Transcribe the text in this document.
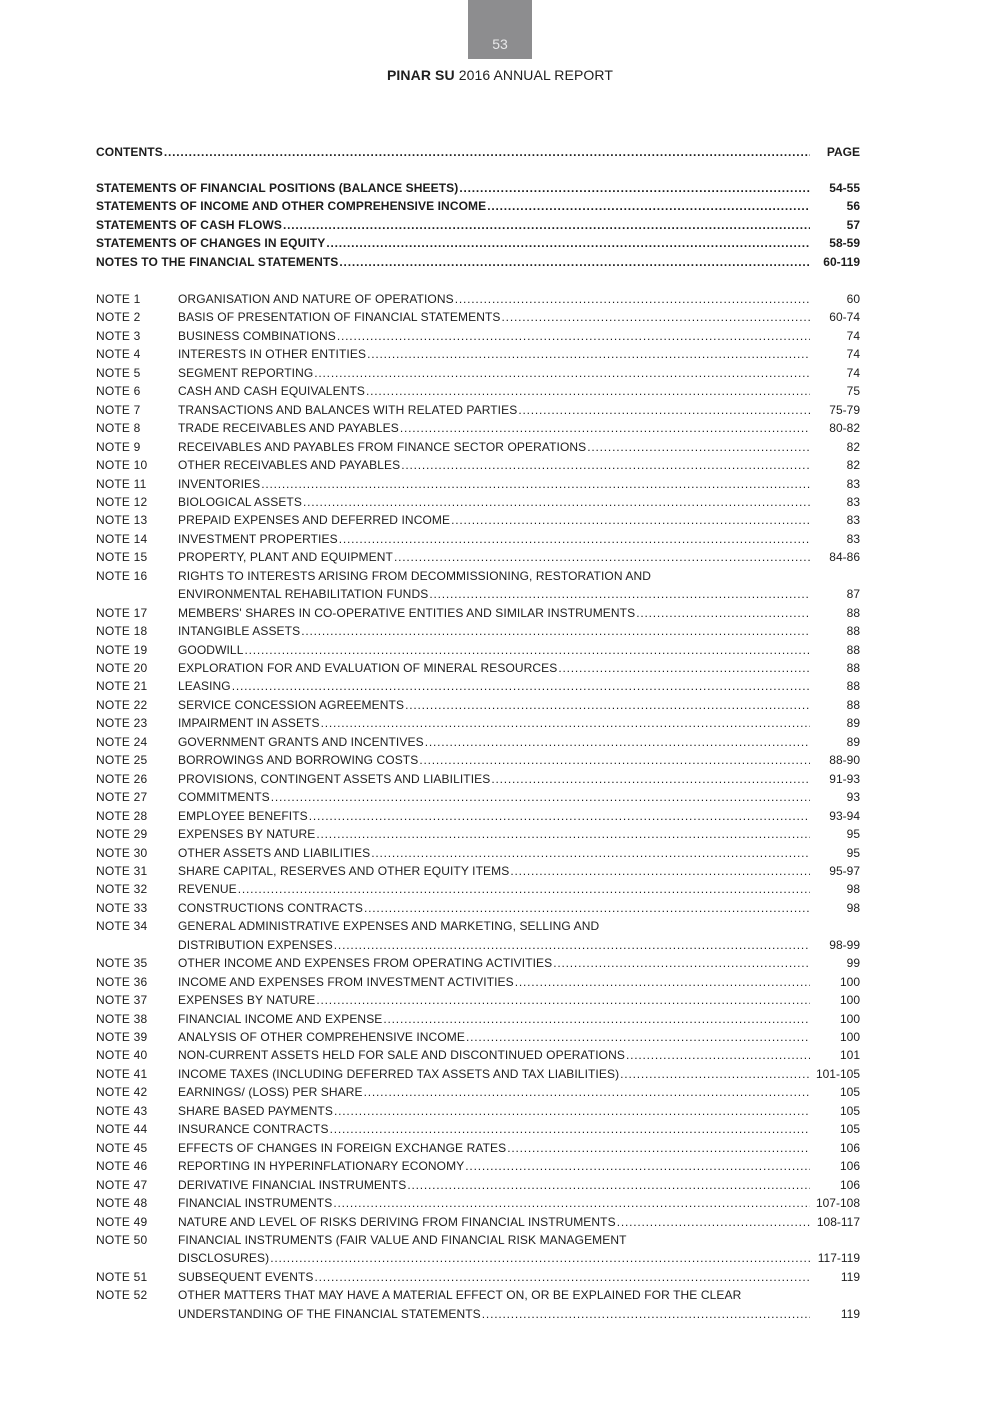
53
PINAR SU 2016 ANNUAL REPORT
CONTENTS .....	PAGE
STATEMENTS OF FINANCIAL POSITIONS (BALANCE SHEETS) .....	54-55
STATEMENTS OF INCOME AND OTHER COMPREHENSIVE INCOME .....	56
STATEMENTS OF CASH FLOWS .....	57
STATEMENTS OF CHANGES IN EQUITY .....	58-59
NOTES TO THE FINANCIAL STATEMENTS .....	60-119
NOTE 1	ORGANISATION AND NATURE OF OPERATIONS .....	60
NOTE 2	BASIS OF PRESENTATION OF FINANCIAL STATEMENTS .....	60-74
NOTE 3	BUSINESS COMBINATIONS .....	74
NOTE 4	INTERESTS IN OTHER ENTITIES .....	74
NOTE 5	SEGMENT REPORTING .....	74
NOTE 6	CASH AND CASH EQUIVALENTS .....	75
NOTE 7	TRANSACTIONS AND BALANCES WITH RELATED PARTIES .....	75-79
NOTE 8	TRADE RECEIVABLES AND PAYABLES .....	80-82
NOTE 9	RECEIVABLES AND PAYABLES FROM FINANCE SECTOR OPERATIONS .....	82
NOTE 10	OTHER RECEIVABLES AND PAYABLES .....	82
NOTE 11	INVENTORIES .....	83
NOTE 12	BIOLOGICAL ASSETS .....	83
NOTE 13	PREPAID EXPENSES AND DEFERRED INCOME .....	83
NOTE 14	INVESTMENT PROPERTIES .....	83
NOTE 15	PROPERTY, PLANT AND EQUIPMENT .....	84-86
NOTE 16	RIGHTS TO INTERESTS ARISING FROM DECOMMISSIONING, RESTORATION AND
ENVIRONMENTAL REHABILITATION FUNDS .....	87
NOTE 17	MEMBERS' SHARES IN CO-OPERATIVE ENTITIES AND SIMILAR INSTRUMENTS .....	88
NOTE 18	INTANGIBLE ASSETS .....	88
NOTE 19	GOODWILL .....	88
NOTE 20	EXPLORATION FOR AND EVALUATION OF MINERAL RESOURCES .....	88
NOTE 21	LEASING .....	88
NOTE 22	SERVICE CONCESSION AGREEMENTS .....	88
NOTE 23	IMPAIRMENT IN ASSETS .....	89
NOTE 24	GOVERNMENT GRANTS AND INCENTIVES .....	89
NOTE 25	BORROWINGS AND BORROWING COSTS .....	88-90
NOTE 26	PROVISIONS, CONTINGENT ASSETS AND LIABILITIES .....	91-93
NOTE 27	COMMITMENTS .....	93
NOTE 28	EMPLOYEE BENEFITS .....	93-94
NOTE 29	EXPENSES BY NATURE .....	95
NOTE 30	OTHER ASSETS AND LIABILITIES .....	95
NOTE 31	SHARE CAPITAL, RESERVES AND OTHER EQUITY ITEMS .....	95-97
NOTE 32	REVENUE .....	98
NOTE 33	CONSTRUCTIONS CONTRACTS .....	98
NOTE 34	GENERAL ADMINISTRATIVE EXPENSES AND MARKETING, SELLING AND
DISTRIBUTION EXPENSES .....	98-99
NOTE 35	OTHER INCOME AND EXPENSES FROM OPERATING ACTIVITIES .....	99
NOTE 36	INCOME AND EXPENSES FROM INVESTMENT ACTIVITIES .....	100
NOTE 37	EXPENSES BY NATURE .....	100
NOTE 38	FINANCIAL INCOME AND EXPENSE .....	100
NOTE 39	ANALYSIS OF OTHER COMPREHENSIVE INCOME .....	100
NOTE 40	NON-CURRENT ASSETS HELD FOR SALE AND DISCONTINUED OPERATIONS .....	101
NOTE 41	INCOME TAXES (INCLUDING DEFERRED TAX ASSETS AND TAX LIABILITIES) .....	101-105
NOTE 42	EARNINGS/ (LOSS) PER SHARE .....	105
NOTE 43	SHARE BASED PAYMENTS .....	105
NOTE 44	INSURANCE CONTRACTS .....	105
NOTE 45	EFFECTS OF CHANGES IN FOREIGN EXCHANGE RATES .....	106
NOTE 46	REPORTING IN HYPERINFLATIONARY ECONOMY .....	106
NOTE 47	DERIVATIVE FINANCIAL INSTRUMENTS .....	106
NOTE 48	FINANCIAL INSTRUMENTS .....	107-108
NOTE 49	NATURE AND LEVEL OF RISKS DERIVING FROM FINANCIAL INSTRUMENTS .....	108-117
NOTE 50	FINANCIAL INSTRUMENTS (FAIR VALUE AND FINANCIAL RISK MANAGEMENT
DISCLOSURES) .....	117-119
NOTE 51	SUBSEQUENT EVENTS .....	119
NOTE 52	OTHER MATTERS THAT MAY HAVE A MATERIAL EFFECT ON, OR BE EXPLAINED FOR THE CLEAR
UNDERSTANDING OF THE FINANCIAL STATEMENTS .....	119
